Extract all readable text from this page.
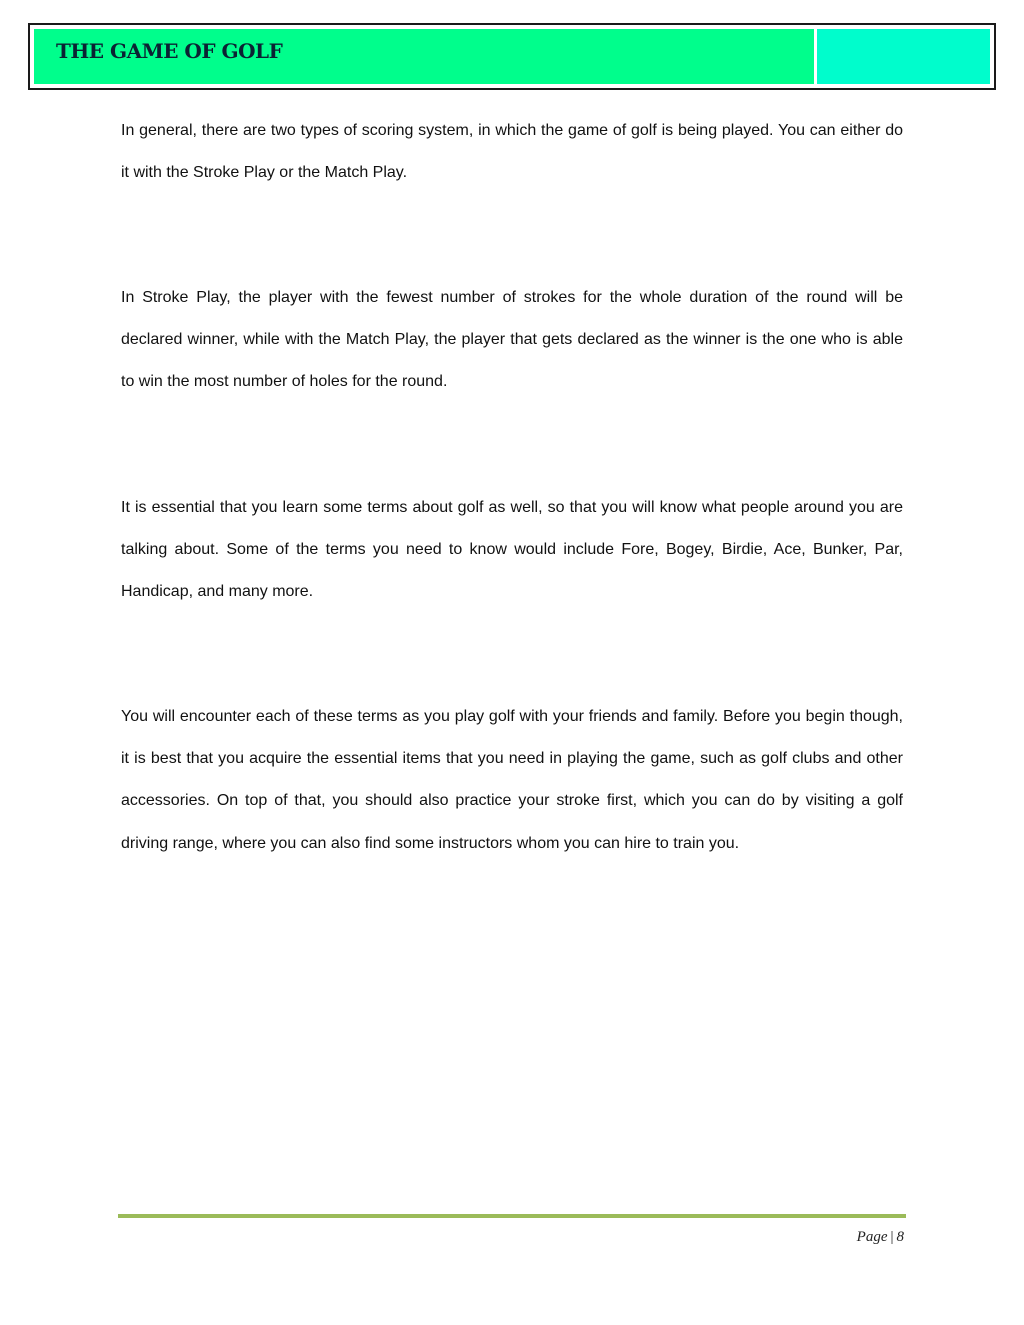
THE GAME OF GOLF

In general, there are two types of scoring system, in which the game of golf is being played. You can either do it with the Stroke Play or the Match Play.

In Stroke Play, the player with the fewest number of strokes for the whole duration of the round will be declared winner, while with the Match Play, the player that gets declared as the winner is the one who is able to win the most number of holes for the round.

It is essential that you learn some terms about golf as well, so that you will know what people around you are talking about. Some of the terms you need to know would include Fore, Bogey, Birdie, Ace, Bunker, Par, Handicap, and many more.

You will encounter each of these terms as you play golf with your friends and family. Before you begin though, it is best that you acquire the essential items that you need in playing the game, such as golf clubs and other accessories. On top of that, you should also practice your stroke first, which you can do by visiting a golf driving range, where you can also find some instructors whom you can hire to train you.

Page | 8
